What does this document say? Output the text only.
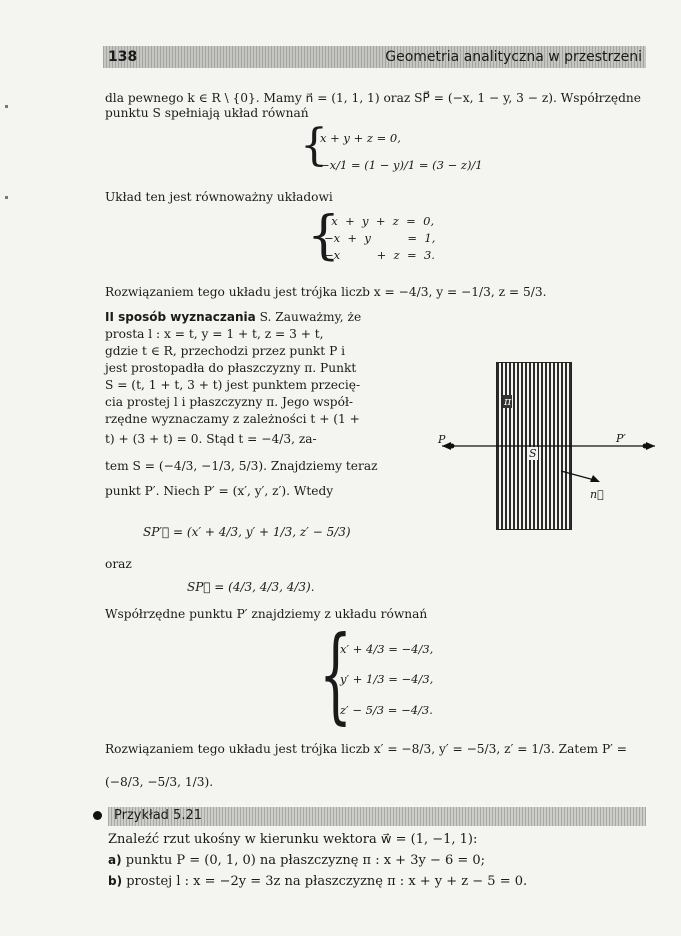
138	Geometria analityczna w przestrzeni
dla pewnego k ∈ R \ {0}. Mamy n⃗ = (1, 1, 1) oraz SP⃗ = (−x, 1 − y, 3 − z). Współrzędne
punktu S spełniają układ równań
{
x + y + z = 0,
−x/1 = (1 − y)/1 = (3 − z)/1
Układ ten jest równoważny układowi
{
x  +  y  +  z  =  0,
−x  +  y          =  1,
−x          +  z  =  3.
Rozwiązaniem tego układu jest trójka liczb x = −4/3, y = −1/3, z = 5/3.
II sposób wyznaczania S. Zauważmy, że
prosta l : x = t, y = 1 + t, z = 3 + t,
gdzie t ∈ R, przechodzi przez punkt P i
jest prostopadła do płaszczyzny π. Punkt
S = (t, 1 + t, 3 + t) jest punktem przecię-
cia prostej l i płaszczyzny π. Jego współ-
rzędne wyznaczamy z zależności t + (1 +
t) + (3 + t) = 0. Stąd t = −4/3, za-
tem S = (−4/3, −1/3, 5/3). Znajdziemy teraz
punkt P′. Niech P′ = (x′, y′, z′). Wtedy
P	P′
S
π
n⃗
SP′⃗ = (x′ + 4/3, y′ + 1/3, z′ − 5/3)
oraz
SP⃗ = (4/3, 4/3, 4/3).
Współrzędne punktu P′ znajdziemy z układu równań
{
x′ + 4/3 = −4/3,
y′ + 1/3 = −4/3,
z′ − 5/3 = −4/3.
Rozwiązaniem tego układu jest trójka liczb x′ = −8/3, y′ = −5/3, z′ = 1/3. Zatem P′ =
(−8/3, −5/3, 1/3).
Przykład 5.21
Znaleźć rzut ukośny w kierunku wektora w⃗ = (1, −1, 1):
a) punktu P = (0, 1, 0) na płaszczyznę π : x + 3y − 6 = 0;
b) prostej l : x = −2y = 3z na płaszczyznę π : x + y + z − 5 = 0.
